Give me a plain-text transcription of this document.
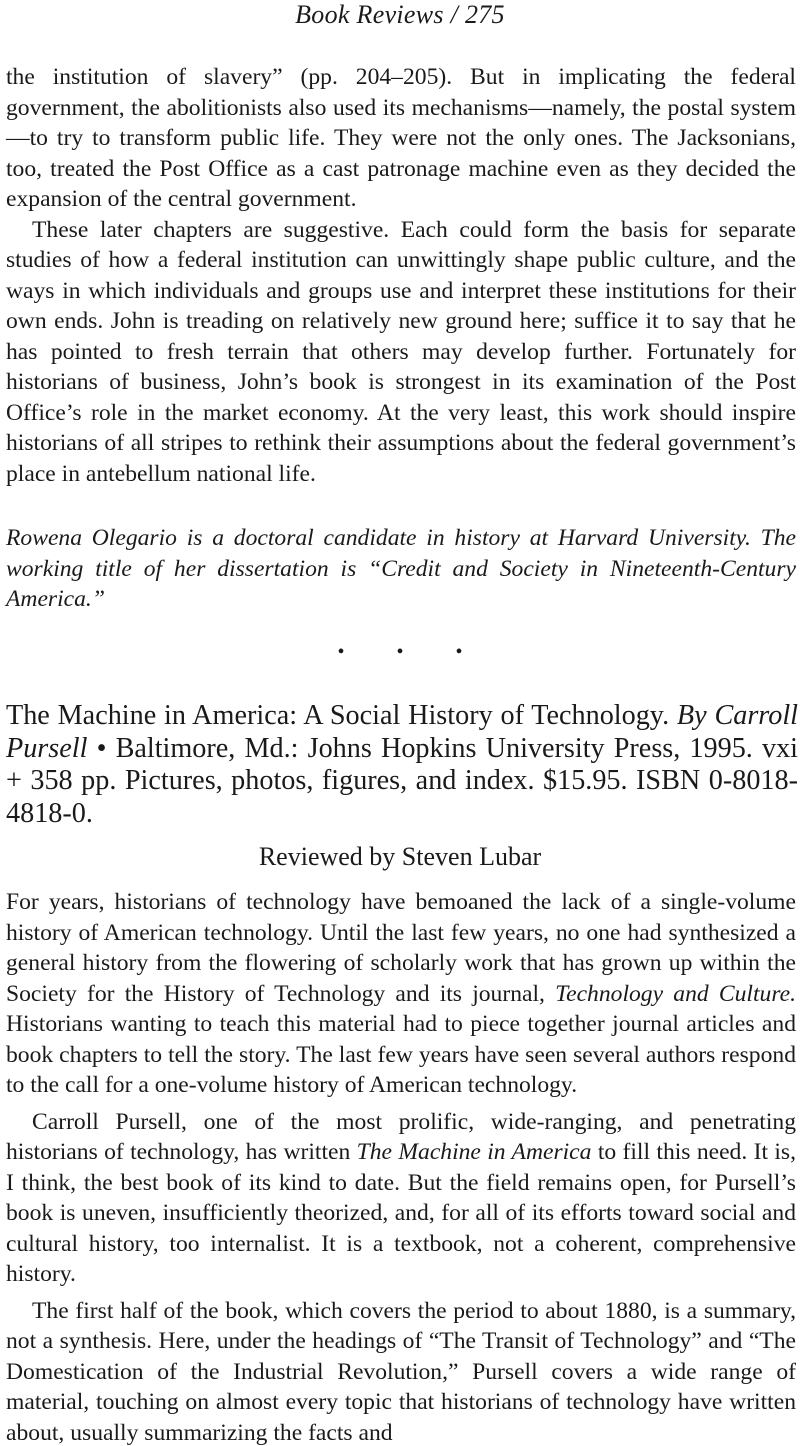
Book Reviews / 275

the institution of slavery” (pp. 204–205). But in implicating the federal government, the abolitionists also used its mechanisms—namely, the postal system—to try to transform public life. They were not the only ones. The Jacksonians, too, treated the Post Office as a cast patronage machine even as they decided the expansion of the central government.

These later chapters are suggestive. Each could form the basis for separate studies of how a federal institution can unwittingly shape public culture, and the ways in which individuals and groups use and interpret these institutions for their own ends. John is treading on relatively new ground here; suffice it to say that he has pointed to fresh terrain that others may develop further. Fortunately for historians of business, John’s book is strongest in its examination of the Post Office’s role in the market economy. At the very least, this work should inspire historians of all stripes to rethink their assumptions about the federal government’s place in antebellum national life.

Rowena Olegario is a doctoral candidate in history at Harvard University. The working title of her dissertation is “Credit and Society in Nineteenth-Century America.”

•	•	•

The Machine in America: A Social History of Technology. By Carroll Pursell • Baltimore, Md.: Johns Hopkins University Press, 1995. vxi + 358 pp. Pictures, photos, figures, and index. $15.95. ISBN 0-8018-4818-0.

Reviewed by Steven Lubar

For years, historians of technology have bemoaned the lack of a single-volume history of American technology. Until the last few years, no one had synthesized a general history from the flowering of scholarly work that has grown up within the Society for the History of Technology and its journal, Technology and Culture. Historians wanting to teach this material had to piece together journal articles and book chapters to tell the story. The last few years have seen several authors respond to the call for a one-volume history of American technology.

Carroll Pursell, one of the most prolific, wide-ranging, and penetrating historians of technology, has written The Machine in America to fill this need. It is, I think, the best book of its kind to date. But the field remains open, for Pursell’s book is uneven, insufficiently theorized, and, for all of its efforts toward social and cultural history, too internalist. It is a textbook, not a coherent, comprehensive history.

The first half of the book, which covers the period to about 1880, is a summary, not a synthesis. Here, under the headings of “The Transit of Technology” and “The Domestication of the Industrial Revolution,” Pursell covers a wide range of material, touching on almost every topic that historians of technology have written about, usually summarizing the facts and
